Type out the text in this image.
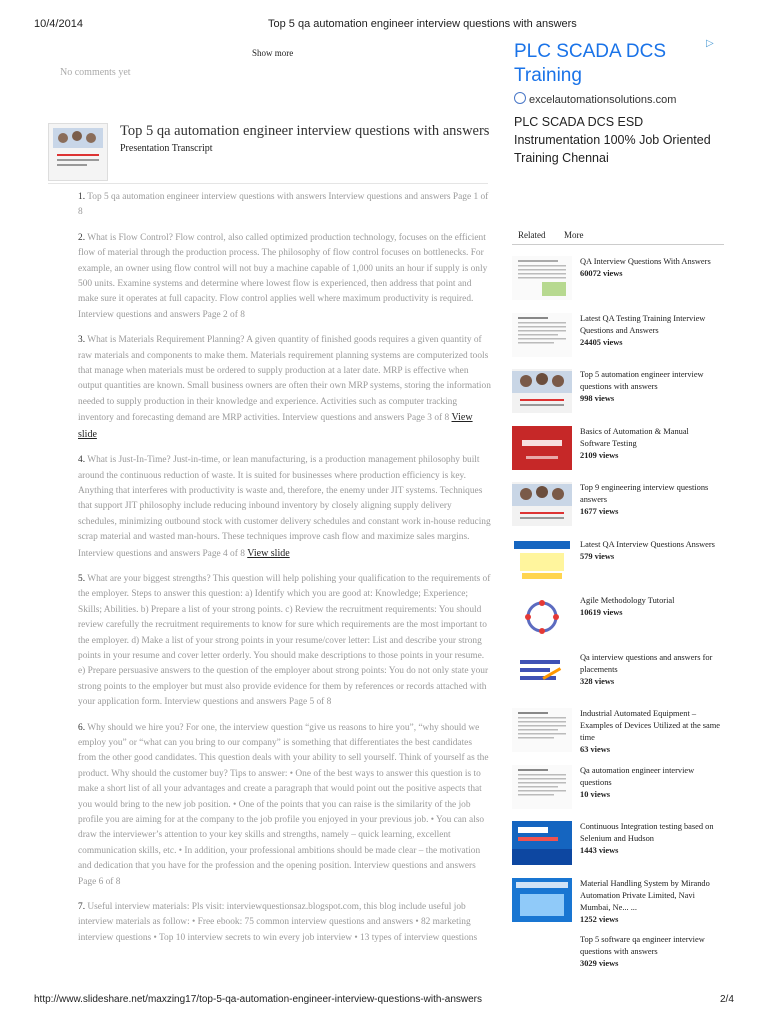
10/4/2014	Top 5 qa automation engineer interview questions with answers
Show more
No comments yet
Top 5 qa automation engineer interview questions with answers
Presentation Transcript

1. Top 5 qa automation engineer interview questions with answers Interview questions and answers Page 1 of 8

2. What is Flow Control? Flow control, also called optimized production technology, focuses on the efficient flow of material through the production process. The philosophy of flow control focuses on bottlenecks. For example, an owner using flow control will not buy a machine capable of 1,000 units an hour if supply is only 500 units. Examine systems and determine where lowest flow is experienced, then address that point and make sure it operates at full capacity. Flow control applies well where maximum productivity is required. Interview questions and answers Page 2 of 8

3. What is Materials Requirement Planning? A given quantity of finished goods requires a given quantity of raw materials and components to make them. Materials requirement planning systems are computerized tools that manage when materials must be ordered to supply production at a later date. MRP is effective when output quantities are known. Small business owners are often their own MRP systems, storing the information needed to supply production in their knowledge and experience. Activities such as computer tracking inventory and forecasting demand are MRP activities. Interview questions and answers Page 3 of 8 View slide

4. What is Just-In-Time? Just-in-time, or lean manufacturing, is a production management philosophy built around the continuous reduction of waste. It is suited for businesses where production efficiency is key. Anything that interferes with productivity is waste and, therefore, the enemy under JIT systems. Techniques that support JIT philosophy include reducing inbound inventory by closely aligning supply delivery schedules, minimizing outbound stock with customer delivery schedules and constant work in-house reducing scrap material and wasted man-hours. These techniques improve cash flow and maximize sales margins. Interview questions and answers Page 4 of 8 View slide

5. What are your biggest strengths? This question will help polishing your qualification to the requirements of the employer. Steps to answer this question: a) Identify which you are good at: Knowledge; Experience; Skills; Abilities. b) Prepare a list of your strong points. c) Review the recruitment requirements: You should review carefully the recruitment requirements to know for sure which requirements are the most important to the employer. d) Make a list of your strong points in your resume/cover letter: List and describe your strong points in your resume and cover letter orderly. You should make descriptions to those points in your resume. e) Prepare persuasive answers to the question of the employer about strong points: You do not only state your strong points to the employer but must also provide evidence for them by references or records attached with your application form. Interview questions and answers Page 5 of 8

6. Why should we hire you? For one, the interview question “give us reasons to hire you”, “why should we employ you” or “what can you bring to our company” is something that differentiates the best candidates from the other good candidates. This question deals with your ability to sell yourself. Think of yourself as the product. Why should the customer buy? Tips to answer: • One of the best ways to answer this question is to make a short list of all your advantages and create a paragraph that would point out the positive aspects that you would bring to the new job position. • One of the points that you can raise is the similarity of the job profile you are aiming for at the company to the job profile you enjoyed in your previous job. • You can also draw the interviewer’s attention to your key skills and strengths, namely – quick learning, excellent communication skills, etc. • In addition, your professional ambitions should be made clear – the motivation and dedication that you have for the profession and the opening position. Interview questions and answers Page 6 of 8

7. Useful interview materials: Pls visit: interviewquestionsaz.blogspot.com, this blog include useful job interview materials as follow: • Free ebook: 75 common interview questions and answers • 82 marketing interview questions • Top 10 interview secrets to win every job interview • 13 types of interview questions

▷
PLC SCADA DCS Training
excelautomationsolutions.com
PLC SCADA DCS ESD Instrumentation 100% Job Oriented Training Chennai
Related More
QA Interview Questions With Answers
60072 views
Latest QA Testing Training Interview Questions and Answers
24405 views
Top 5 automation engineer interview questions with answers
998 views
Basics of Automation & Manual Software Testing
2109 views
Top 9 engineering interview questions answers
1677 views
Latest QA Interview Questions Answers
579 views
Agile Methodology Tutorial
10619 views
Qa interview questions and answers for placements
328 views
Industrial Automated Equipment – Examples of Devices Utilized at the same time
63 views
Qa automation engineer interview questions
10 views
Continuous Integration testing based on Selenium and Hudson
1443 views
Material Handling System by Mirando Automation Private Limited, Navi Mumbai, Ne... ...
1252 views
Top 5 software qa engineer interview questions with answers
3029 views
http://www.slideshare.net/maxzing17/top-5-qa-automation-engineer-interview-questions-with-answers	2/4
